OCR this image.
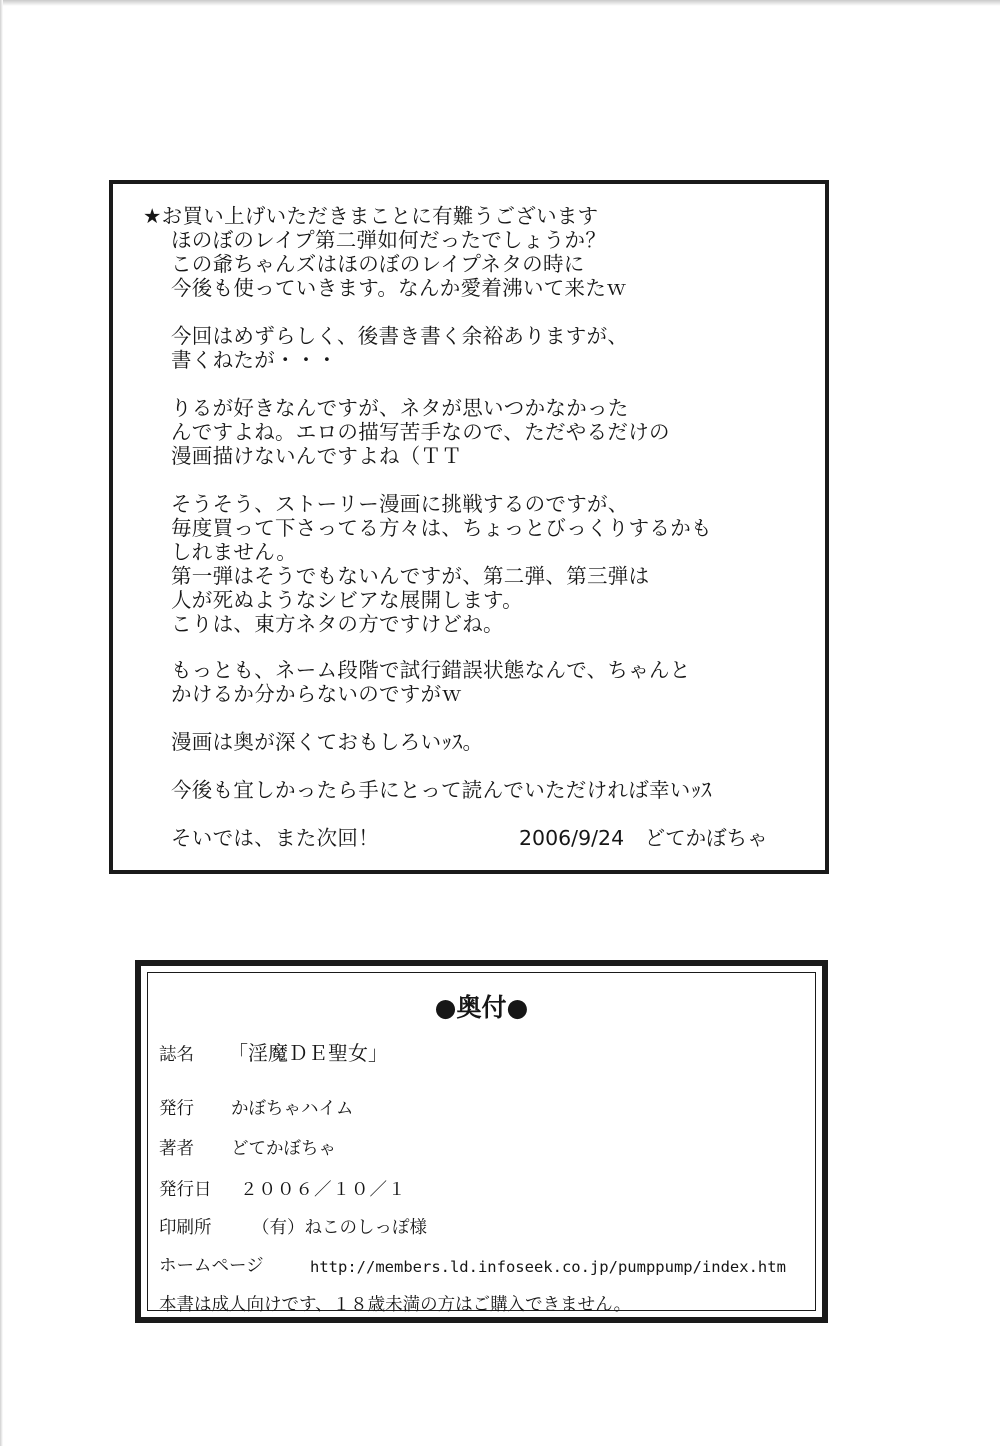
★お買い上げいただきまことに有難うございます
ほのぼのレイプ第二弾如何だったでしょうか？
この爺ちゃんズはほのぼのレイプネタの時に
今後も使っていきます。なんか愛着沸いて来たｗ
今回はめずらしく、後書き書く余裕ありますが、
書くねたが・・・
りるが好きなんですが、ネタが思いつかなかった
んですよね。エロの描写苦手なので、ただやるだけの
漫画描けないんですよね（ＴＴ
そうそう、ストーリー漫画に挑戦するのですが、
毎度買って下さってる方々は、ちょっとびっくりするかも
しれません。
第一弾はそうでもないんですが、第二弾、第三弾は
人が死ぬようなシビアな展開します。
こりは、東方ネタの方ですけどね。
もっとも、ネーム段階で試行錯誤状態なんで、ちゃんと
かけるか分からないのですがｗ
漫画は奥が深くておもしろいｯｽ。
今後も宜しかったら手にとって読んでいただければ幸いｯｽ
そいでは、また次回！	2006/9/24　どてかぼちゃ
●奥付●
誌名 「淫魔ＤＥ聖女」
発行 かぼちゃハイム
著者 どてかぼちゃ
発行日 ２００６／１０／１
印刷所 （有）ねこのしっぽ様
ホームページ	http://members.ld.infoseek.co.jp/pumppump/index.htm
本書は成人向けです、１８歳未満の方はご購入できません。
